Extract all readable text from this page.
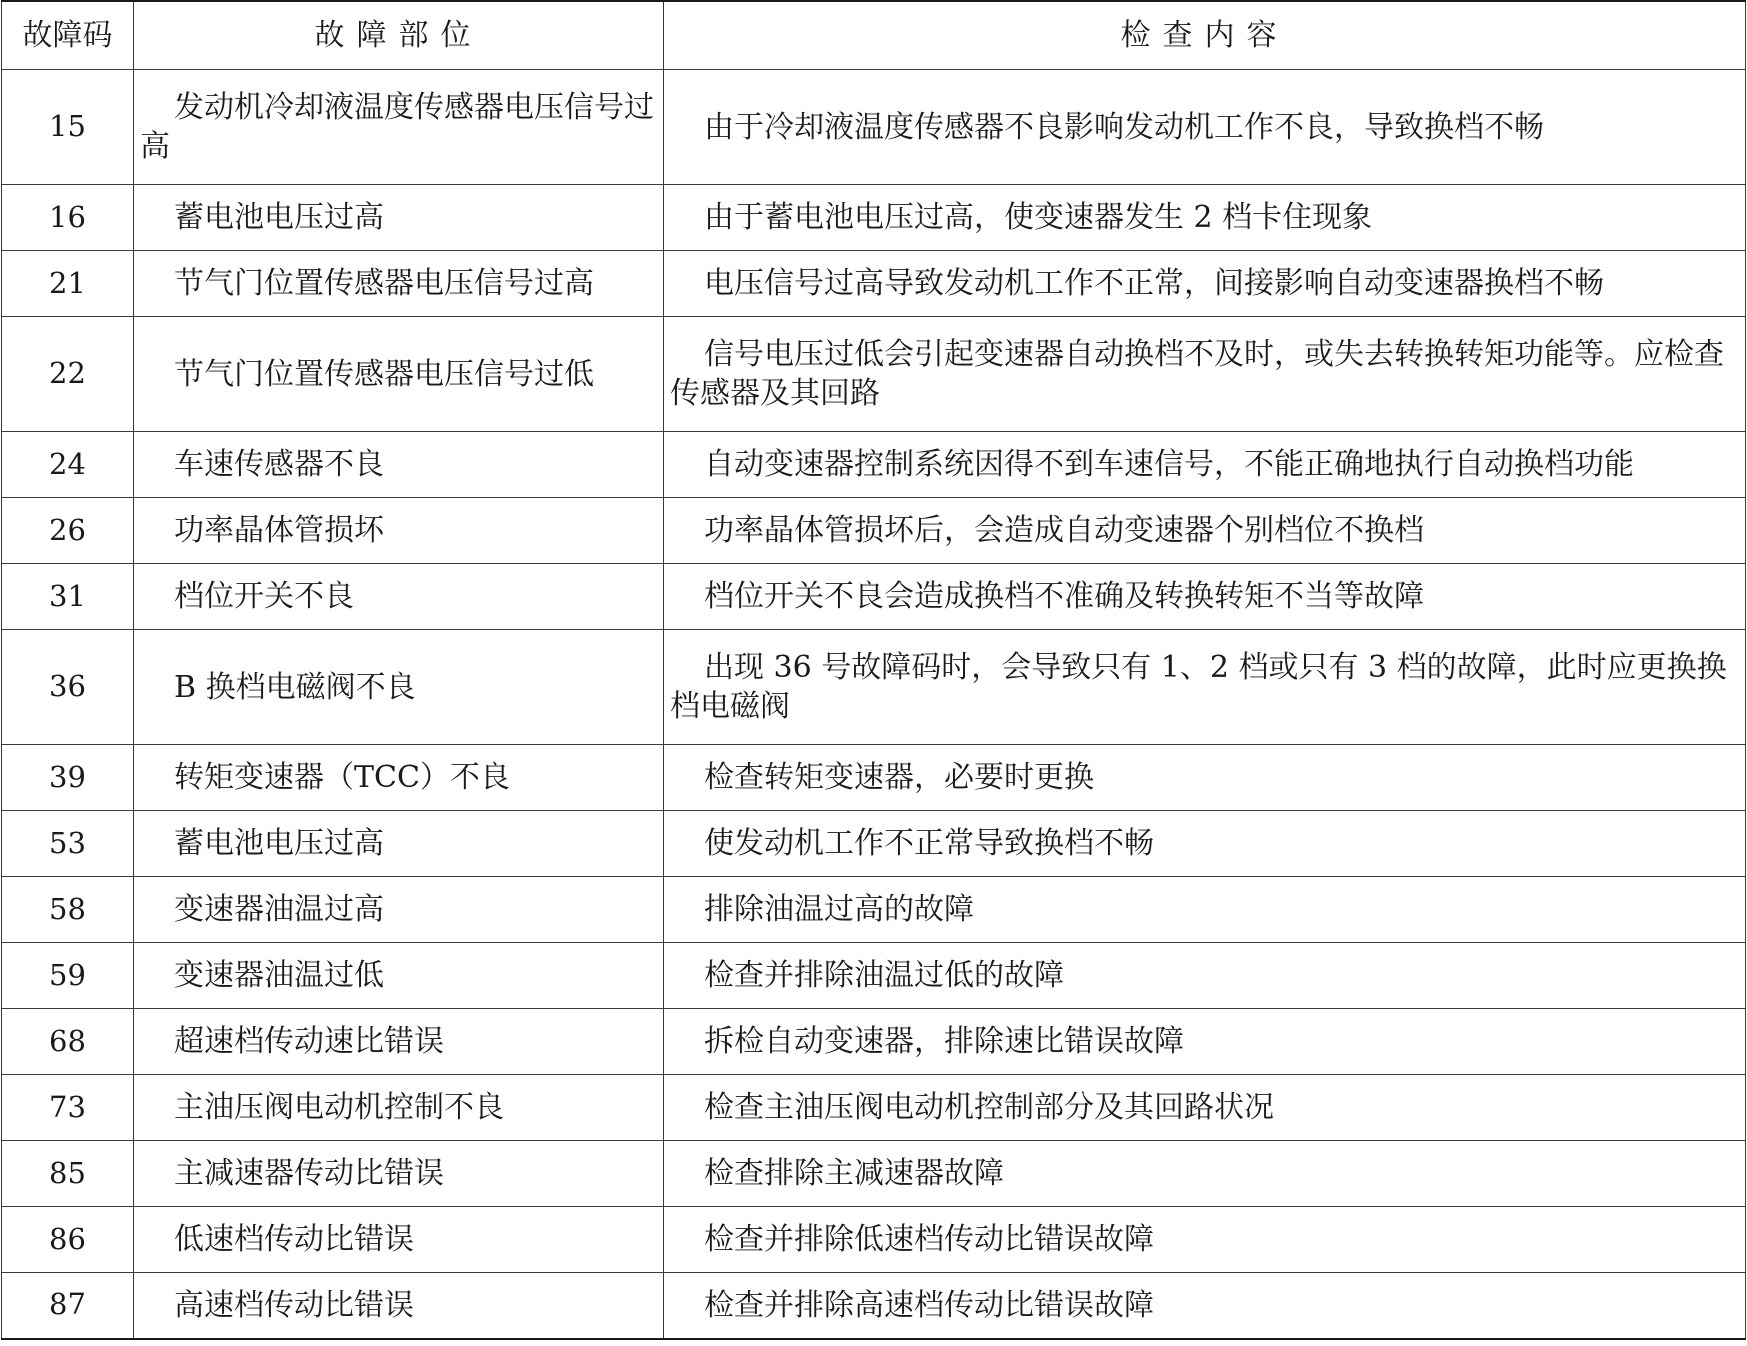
故障码	故障部位	检查内容
15	发动机冷却液温度传感器电压信号过高	由于冷却液温度传感器不良影响发动机工作不良，导致换档不畅

16	蓄电池电压过高	由于蓄电池电压过高，使变速器发生 2 档卡住现象

21	节气门位置传感器电压信号过高	电压信号过高导致发动机工作不正常，间接影响自动变速器换档不畅

22	节气门位置传感器电压信号过低	信号电压过低会引起变速器自动换档不及时，或失去转换转矩功能等。应检查传感器及其回路

24	车速传感器不良	自动变速器控制系统因得不到车速信号，不能正确地执行自动换档功能

26	功率晶体管损坏	功率晶体管损坏后，会造成自动变速器个别档位不换档

31	档位开关不良	档位开关不良会造成换档不准确及转换转矩不当等故障

36	B 换档电磁阀不良	出现 36 号故障码时，会导致只有 1、2 档或只有 3 档的故障，此时应更换换档电磁阀

39	转矩变速器（TCC）不良	检查转矩变速器，必要时更换

53	蓄电池电压过高	使发动机工作不正常导致换档不畅

58	变速器油温过高	排除油温过高的故障

59	变速器油温过低	检查并排除油温过低的故障

68	超速档传动速比错误	拆检自动变速器，排除速比错误故障

73	主油压阀电动机控制不良	检查主油压阀电动机控制部分及其回路状况

85	主减速器传动比错误	检查排除主减速器故障

86	低速档传动比错误	检查并排除低速档传动比错误故障

87	高速档传动比错误	检查并排除高速档传动比错误故障
